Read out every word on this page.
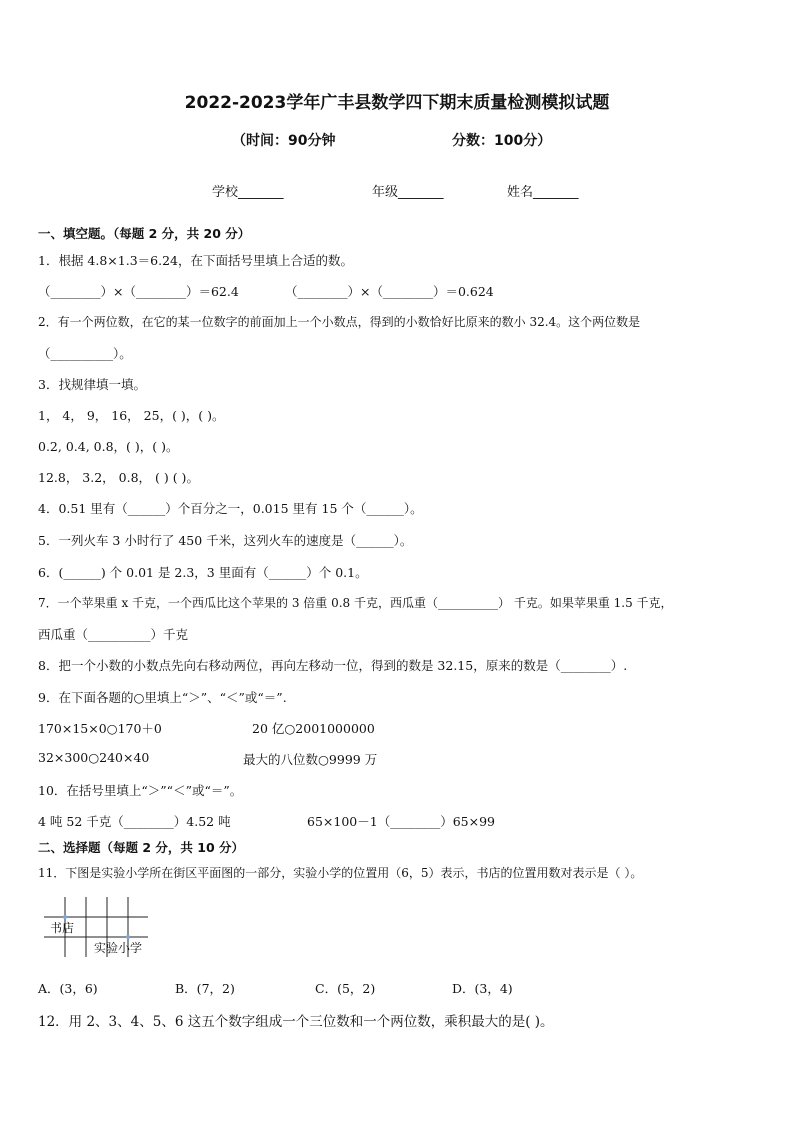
2022-2023学年广丰县数学四下期末质量检测模拟试题
（时间：90分钟	分数：100分）
学校_______	年级_______	姓名_______
一、填空题。（每题 2 分，共 20 分）
1．根据 4.8×1.3＝6.24，在下面括号里填上合适的数。
（________）×（________）＝62.4	（________）×（________）＝0.624
2．有一个两位数，在它的某一位数字的前面加上一个小数点，得到的小数恰好比原来的数小 32.4。这个两位数是
（__________）。
3．找规律填一填。
1， 4， 9， 16， 25，( )，( )。
0.2, 0.4, 0.8，( )，( )。
12.8， 3.2， 0.8， ( ) ( )。
4．0.51 里有（______）个百分之一，0.015 里有 15 个（______）。
5．一列火车 3 小时行了 450 千米，这列火车的速度是（______）。
6．(______) 个 0.01 是 2.3，3 里面有（______）个 0.1。
7．一个苹果重 x 千克，一个西瓜比这个苹果的 3 倍重 0.8 千克，西瓜重（__________） 千克。如果苹果重 1.5 千克，
西瓜重（__________）千克
8．把一个小数的小数点先向右移动两位，再向左移动一位，得到的数是 32.15，原来的数是（________）.
9．在下面各题的○里填上“＞”、“＜”或“＝”.
170×15×0○170＋0	20 亿○2001000000
32×300○240×40	最大的八位数○9999 万
10．在括号里填上“＞”“＜”或“＝”。
4 吨 52 千克（________）4.52 吨	65×100－1（________）65×99
二、选择题（每题 2 分，共 10 分）
11．下图是实验小学所在街区平面图的一部分，实验小学的位置用（6，5）表示，书店的位置用数对表示是（ ）。
书店
实验小学
A．(3，6)	B．(7，2)	C．(5，2)	D．(3，4)
12．用 2、3、4、5、6 这五个数字组成一个三位数和一个两位数，乘积最大的是( )。
